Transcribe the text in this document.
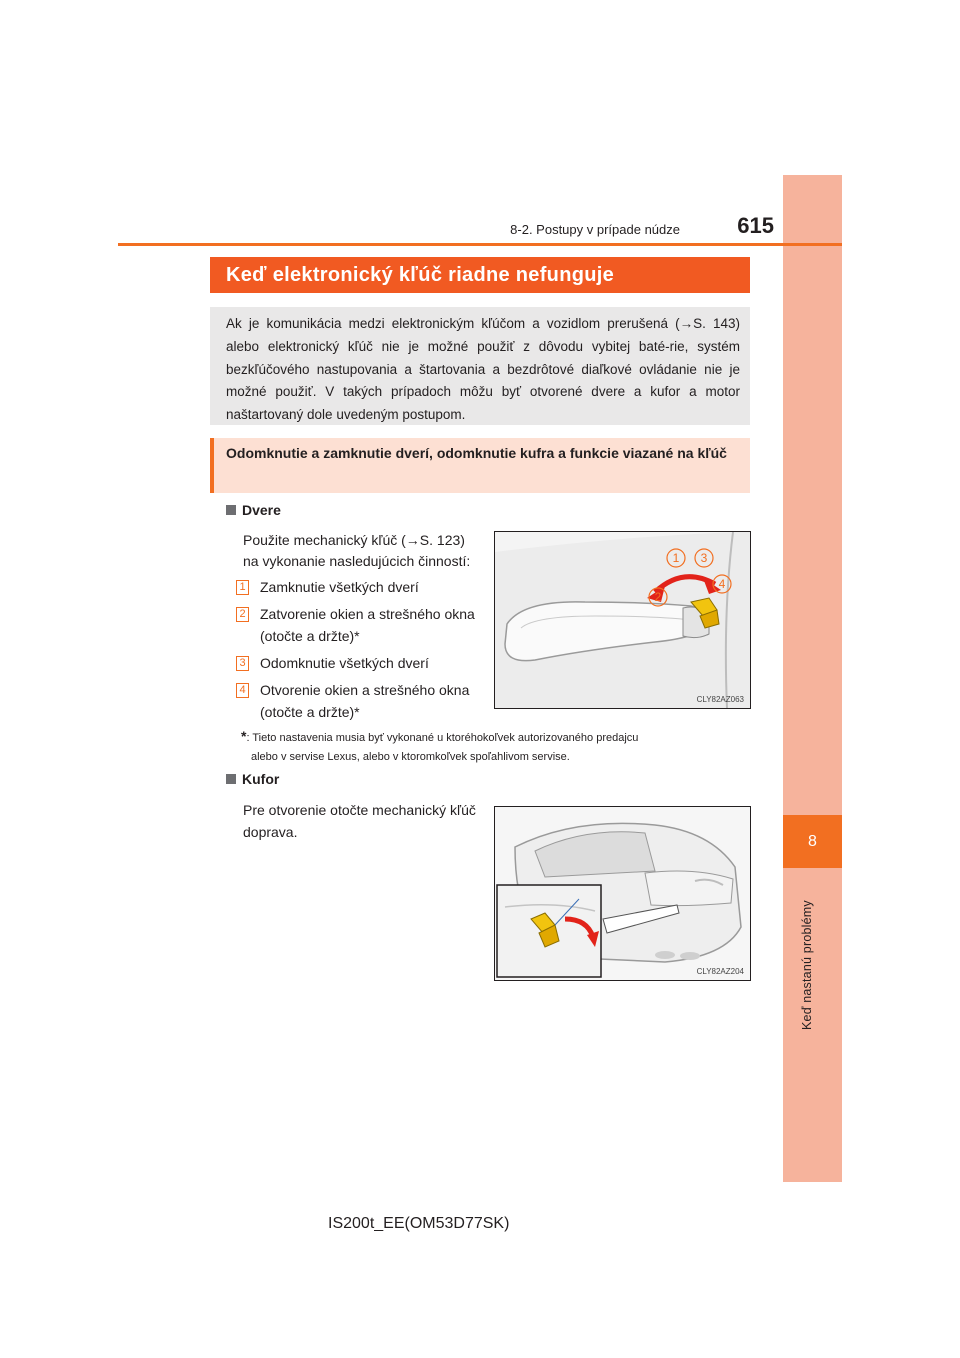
8
Keď nastanú problémy
8-2. Postupy v prípade núdze	615
Keď elektronický kľúč riadne nefunguje
Ak je komunikácia medzi elektronickým kľúčom a vozidlom prerušená (→S. 143) alebo elektronický kľúč nie je možné použiť z dôvodu vybitej baté-rie, systém bezkľúčového nastupovania a štartovania a bezdrôtové diaľkové ovládanie nie je možné použiť. V takých prípadoch môžu byť otvorené dvere a kufor a motor naštartovaný dole uvedeným postupom.
Odomknutie a zamknutie dverí, odomknutie kufra a funkcie viazané na kľúč
Dvere
Použite mechanický kľúč (→S. 123)
na vykonanie nasledujúcich činností:
1 Zamknutie všetkých dverí
2 Zatvorenie okien a strešného okna
(otočte a držte)*
3 Odomknutie všetkých dverí
4 Otvorenie okien a strešného okna
(otočte a držte)*
1
2
3
4
CLY82AZ063
*: Tieto nastavenia musia byť vykonané u ktoréhokoľvek autorizovaného predajcu
alebo v servise Lexus, alebo v ktoromkoľvek spoľahlivom servise.
Kufor
Pre otvorenie otočte mechanický kľúč
doprava.
CLY82AZ204
IS200t_EE(OM53D77SK)
